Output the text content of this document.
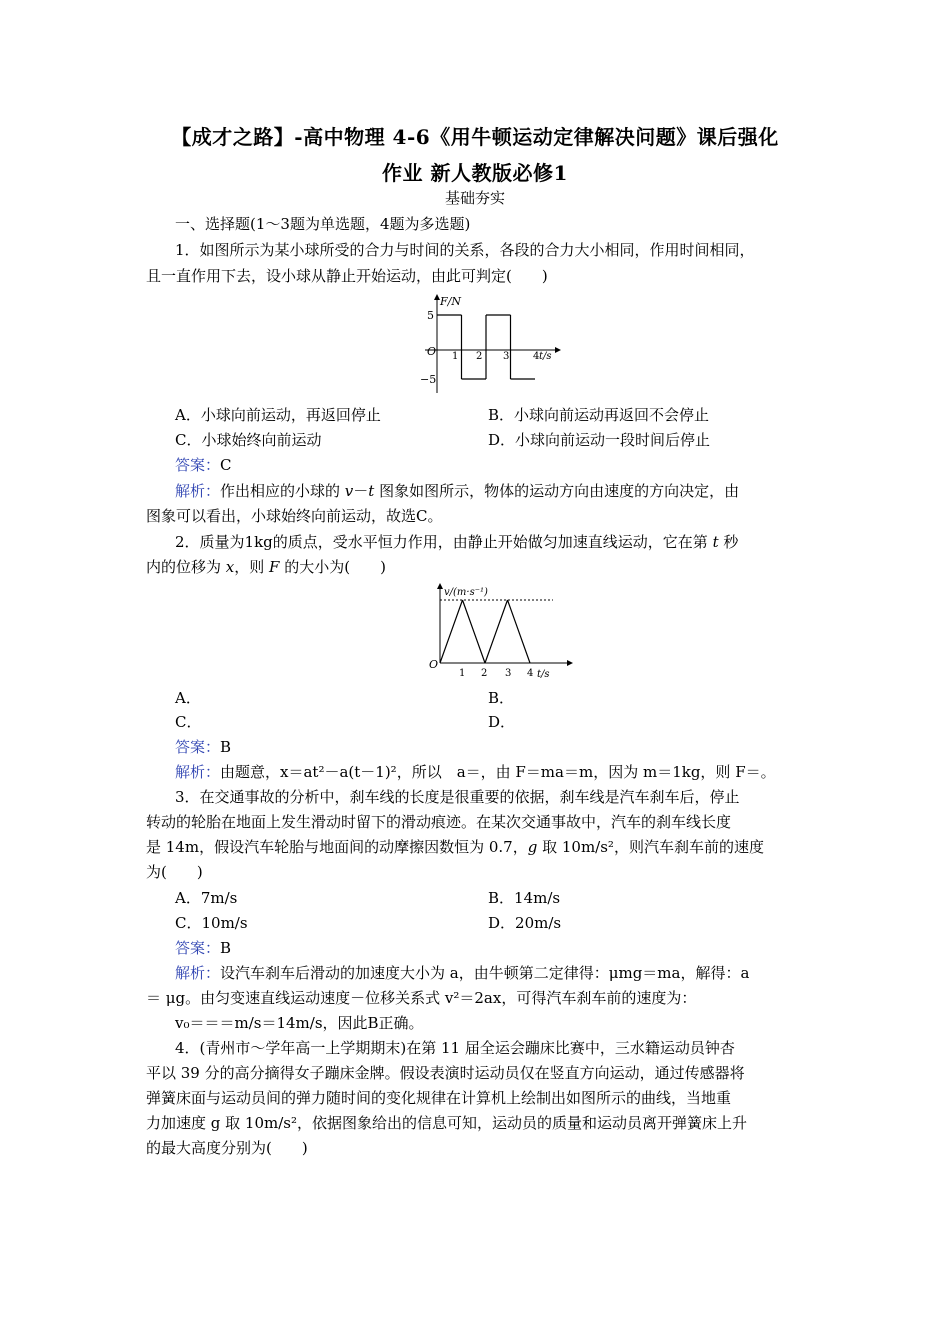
【成才之路】-高中物理 4-6《用牛顿运动定律解决问题》课后强化
作业 新人教版必修1
基础夯实
一、选择题(1～3题为单选题，4题为多选题)
1．如图所示为某小球所受的合力与时间的关系，各段的合力大小相同，作用时间相同，
且一直作用下去，设小球从静止开始运动，由此可判定(　　)
F/N
t/s
O
5
−5
1 2 3 4
A．小球向前运动，再返回停止	B．小球向前运动再返回不会停止
C．小球始终向前运动	D．小球向前运动一段时间后停止
答案：C
解析：作出相应的小球的 v－t 图象如图所示，物体的运动方向由速度的方向决定，由
图象可以看出，小球始终向前运动，故选C。
2．质量为1kg的质点，受水平恒力作用，由静止开始做匀加速直线运动，它在第 t 秒
内的位移为 x，则 F 的大小为(　　)
v/(m·s⁻¹)
t/s
O
1 2 3 4
A．	B．
C．	D．
答案：B
解析：由题意，x＝at²－a(t－1)²，所以　a＝，由 F＝ma＝m，因为 m＝1kg，则 F＝。
3．在交通事故的分析中，刹车线的长度是很重要的依据，刹车线是汽车刹车后，停止
转动的轮胎在地面上发生滑动时留下的滑动痕迹。在某次交通事故中，汽车的刹车线长度
是 14m，假设汽车轮胎与地面间的动摩擦因数恒为 0.7，g 取 10m/s²，则汽车刹车前的速度
为(　　)
A．7m/s	B．14m/s
C．10m/s	D．20m/s
答案：B
解析：设汽车刹车后滑动的加速度大小为 a，由牛顿第二定律得：μmg＝ma，解得：a
＝ μg。由匀变速直线运动速度－位移关系式 v²＝2ax，可得汽车刹车前的速度为：
v₀＝＝＝m/s＝14m/s，因此B正确。
4．(青州市～学年高一上学期期末)在第 11 届全运会蹦床比赛中，三水籍运动员钟杏
平以 39 分的高分摘得女子蹦床金牌。假设表演时运动员仅在竖直方向运动，通过传感器将
弹簧床面与运动员间的弹力随时间的变化规律在计算机上绘制出如图所示的曲线，当地重
力加速度 g 取 10m/s²，依据图象给出的信息可知，运动员的质量和运动员离开弹簧床上升
的最大高度分别为(　　)
